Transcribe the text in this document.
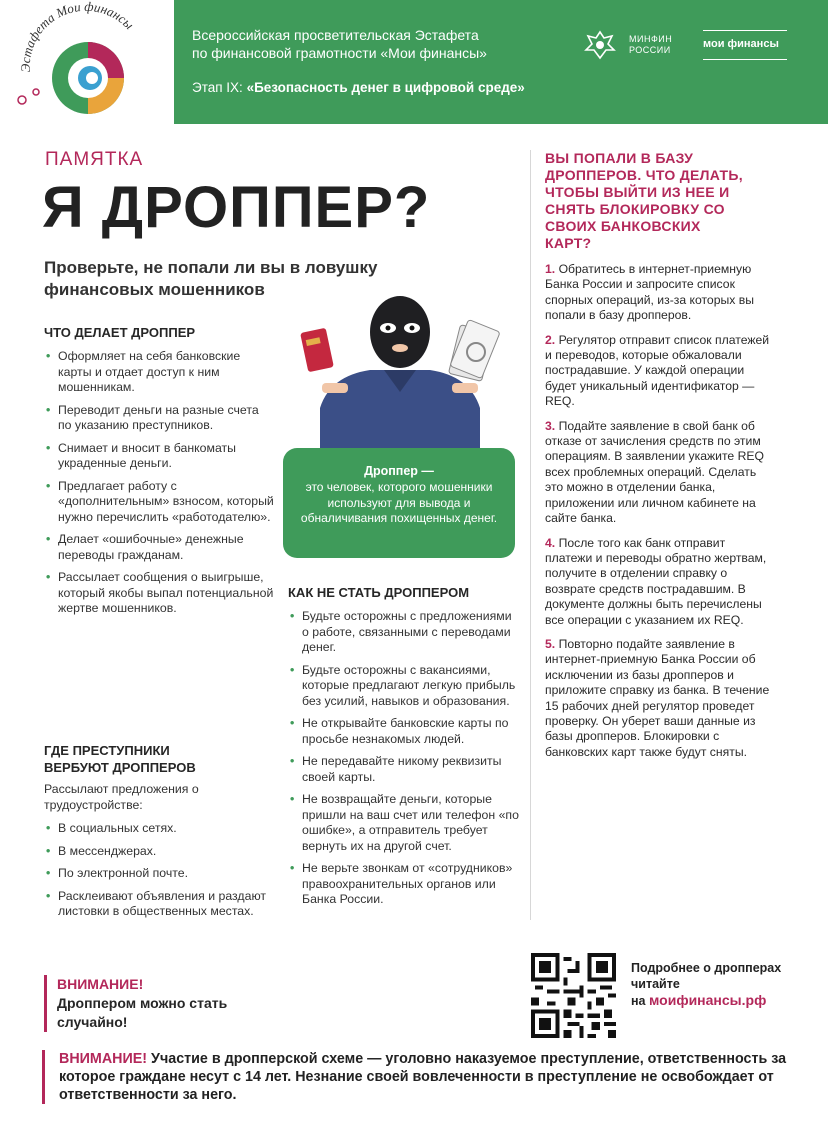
Эстафета Мои финансы
Всероссийская просветительская Эстафета
по финансовой грамотности «Мои финансы»
Этап IX: «Безопасность денег в цифровой среде»
МИНФИН
РОССИИ	мои финансы
ПАМЯТКА
Я ДРОППЕР?
Проверьте, не попали ли вы в ловушку финансовых мошенников
ЧТО ДЕЛАЕТ ДРОППЕР
• Оформляет на себя банковские карты и отдает доступ к ним мошенникам.
• Переводит деньги на разные счета по указанию преступников.
• Снимает и вносит в банкоматы украденные деньги.
• Предлагает работу с «дополнительным» взносом, который нужно перечислить «работодателю».
• Делает «ошибочные» денежные переводы гражданам.
• Рассылает сообщения о выигрыше, который якобы выпал потенциальной жертве мошенников.
ГДЕ ПРЕСТУПНИКИ ВЕРБУЮТ ДРОППЕРОВ
Рассылают предложения о трудоустройстве:
• В социальных сетях.
• В мессенджерах.
• По электронной почте.
• Расклеивают объявления и раздают листовки в общественных местах.
ВНИМАНИЕ!
Дроппером можно стать случайно!
Дроппер —
это человек, которого мошенники используют для вывода и обналичивания похищенных денег.
КАК НЕ СТАТЬ ДРОППЕРОМ
• Будьте осторожны с предложениями о работе, связанными с переводами денег.
• Будьте осторожны с вакансиями, которые предлагают легкую прибыль без усилий, навыков и образования.
• Не открывайте банковские карты по просьбе незнакомых людей.
• Не передавайте никому реквизиты своей карты.
• Не возвращайте деньги, которые пришли на ваш счет или телефон «по ошибке», а отправитель требует вернуть их на другой счет.
• Не верьте звонкам от «сотрудников» правоохранительных органов или Банка России.
ВЫ ПОПАЛИ В БАЗУ ДРОППЕРОВ. ЧТО ДЕЛАТЬ, ЧТОБЫ ВЫЙТИ ИЗ НЕЕ И СНЯТЬ БЛОКИРОВКУ СО СВОИХ БАНКОВСКИХ КАРТ?
1. Обратитесь в интернет-приемную Банка России и запросите список спорных операций, из-за которых вы попали в базу дропперов.
2. Регулятор отправит список платежей и переводов, которые обжаловали пострадавшие. У каждой операции будет уникальный идентификатор — REQ.
3. Подайте заявление в свой банк об отказе от зачисления средств по этим операциям. В заявлении укажите REQ всех проблемных операций. Сделать это можно в отделении банка, приложении или личном кабинете на сайте банка.
4. После того как банк отправит платежи и переводы обратно жертвам, получите в отделении справку о возврате средств пострадавшим. В документе должны быть перечислены все операции с указанием их REQ.
5. Повторно подайте заявление в интернет-приемную Банка России об исключении из базы дропперов и приложите справку из банка. В течение 15 рабочих дней регулятор проведет проверку. Он уберет ваши данные из базы дропперов. Блокировки с банковских карт также будут сняты.
Подробнее о дропперах читайте
на моифинансы.рф
ВНИМАНИЕ! Участие в дропперской схеме — уголовно наказуемое преступление, ответственность за которое граждане несут с 14 лет. Незнание своей вовлеченности в преступление не освобождает от ответственности за него.
